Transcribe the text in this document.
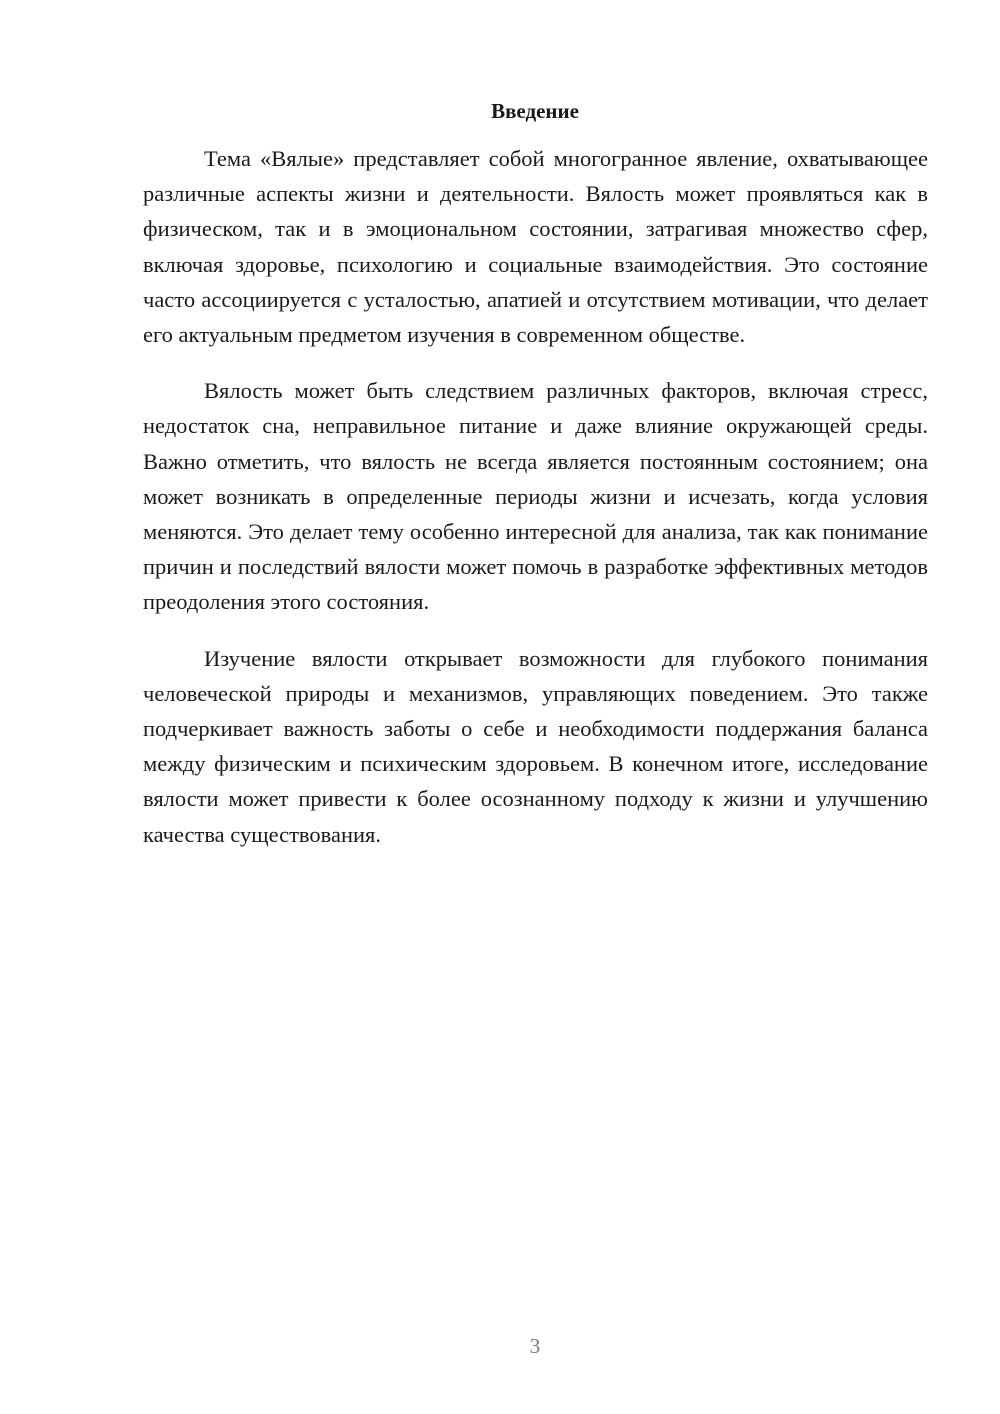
Введение

Тема «Вялые» представляет собой многогранное явление, охватывающее различные аспекты жизни и деятельности. Вялость может проявляться как в физическом, так и в эмоциональном состоянии, затрагивая множество сфер, включая здоровье, психологию и социальные взаимодействия. Это состояние часто ассоциируется с усталостью, апатией и отсутствием мотивации, что делает его актуальным предметом изучения в современном обществе.

Вялость может быть следствием различных факторов, включая стресс, недостаток сна, неправильное питание и даже влияние окружающей среды. Важно отметить, что вялость не всегда является постоянным состоянием; она может возникать в определенные периоды жизни и исчезать, когда условия меняются. Это делает тему особенно интересной для анализа, так как понимание причин и последствий вялости может помочь в разработке эффективных методов преодоления этого состояния.

Изучение вялости открывает возможности для глубокого понимания человеческой природы и механизмов, управляющих поведением. Это также подчеркивает важность заботы о себе и необходимости поддержания баланса между физическим и психическим здоровьем. В конечном итоге, исследование вялости может привести к более осознанному подходу к жизни и улучшению качества существования.

3
